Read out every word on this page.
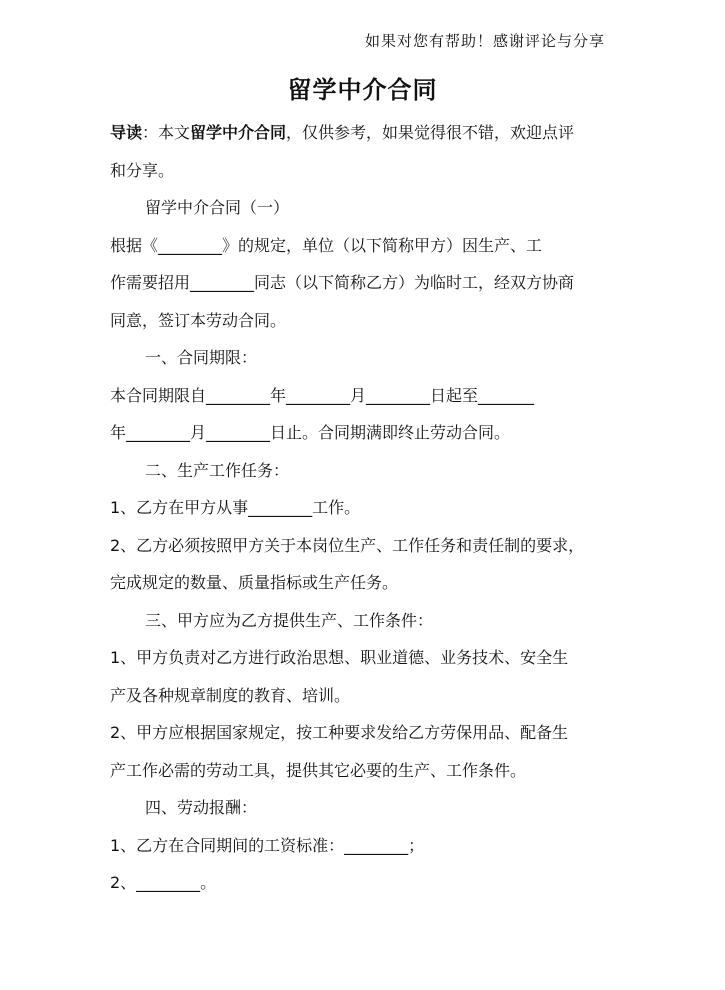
如果对您有帮助！感谢评论与分享
留学中介合同
导读：本文留学中介合同，仅供参考，如果觉得很不错，欢迎点评
和分享。
留学中介合同（一）
根据《________》的规定，单位（以下简称甲方）因生产、工
作需要招用________同志（以下简称乙方）为临时工，经双方协商
同意，签订本劳动合同。
一、合同期限：
本合同期限自________年________月________日起至_______
年________月________日止。合同期满即终止劳动合同。
二、生产工作任务：
1、乙方在甲方从事________工作。
2、乙方必须按照甲方关于本岗位生产、工作任务和责任制的要求，
完成规定的数量、质量指标或生产任务。
三、甲方应为乙方提供生产、工作条件：
1、甲方负责对乙方进行政治思想、职业道德、业务技术、安全生
产及各种规章制度的教育、培训。
2、甲方应根据国家规定，按工种要求发给乙方劳保用品、配备生
产工作必需的劳动工具，提供其它必要的生产、工作条件。
四、劳动报酬：
1、乙方在合同期间的工资标准：________；
2、________。
